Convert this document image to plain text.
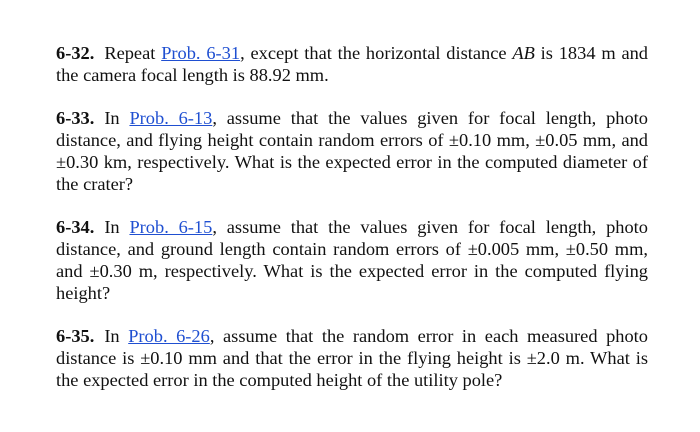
6-32. Repeat Prob. 6-31, except that the horizontal distance AB is 1834 m and the camera focal length is 88.92 mm.

6-33. In Prob. 6-13, assume that the values given for focal length, photo distance, and flying height contain random errors of ±0.10 mm, ±0.05 mm, and ±0.30 km, respectively. What is the expected error in the computed diameter of the crater?

6-34. In Prob. 6-15, assume that the values given for focal length, photo distance, and ground length contain random errors of ±0.005 mm, ±0.50 mm, and ±0.30 m, respectively. What is the expected error in the computed flying height?

6-35. In Prob. 6-26, assume that the random error in each measured photo distance is ±0.10 mm and that the error in the flying height is ±2.0 m. What is the expected error in the computed height of the utility pole?
